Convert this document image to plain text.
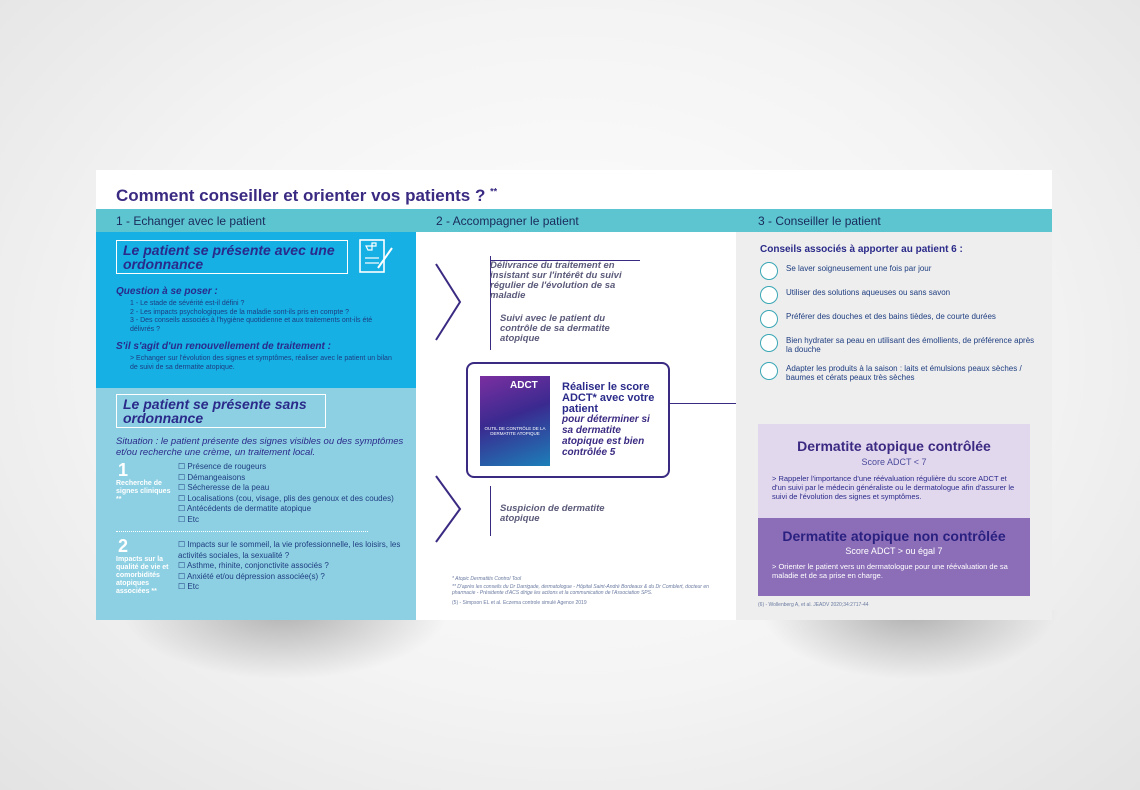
Comment conseiller et orienter vos patients ? **
1 - Echanger avec le patient	2 - Accompagner le patient	3 - Conseiller le patient
Le patient se présente avec une ordonnance
Question à se poser :
1 - Le stade de sévérité est-il défini ?
2 - Les impacts psychologiques de la maladie sont-ils pris en compte ?
3 - Des conseils associés à l'hygiène quotidienne et aux traitements ont-ils été délivrés ?
S'il s'agit d'un renouvellement de traitement :
> Echanger sur l'évolution des signes et symptômes, réaliser avec le patient un bilan de suivi de sa dermatite atopique.
Le patient se présente sans ordonnance
Situation : le patient présente des signes visibles ou des symptômes et/ou recherche une crème, un traitement local.
1
Recherche de signes cliniques **
☐ Présence de rougeurs
☐ Démangeaisons
☐ Sécheresse de la peau
☐ Localisations (cou, visage, plis des genoux et des coudes)
☐ Antécédents de dermatite atopique
☐ Etc
2
Impacts sur la qualité de vie et comorbidités atopiques associées **
☐ Impacts sur le sommeil, la vie professionnelle, les loisirs, les activités sociales, la sexualité ?
☐ Asthme, rhinite, conjonctivite associés ?
☐ Anxiété et/ou dépression associée(s) ?
☐ Etc
Délivrance du traitement en insistant sur l'intérêt du suivi régulier de l'évolution de sa maladie
Suivi avec le patient du contrôle de sa dermatite atopique
ADCT
OUTIL DE CONTRÔLE DE LA DERMATITE ATOPIQUE
Réaliser le score ADCT* avec votre patient
pour déterminer si sa dermatite atopique est bien contrôlée 5
Suspicion de dermatite atopique
* Atopic Dermatitis Control Tool
** D'après les conseils du Dr Darrigade, dermatologue - Hôpital Saint-André Bordeaux & du Dr Comblert, docteur en pharmacie - Présidente d'ACS dirige les actions et la communication de l'Association SPS.
(5) - Simpson EL et al. Eczema controle simulé Agence 2019
Conseils associés à apporter au patient 6 :
Se laver soigneusement une fois par jour
Utiliser des solutions aqueuses ou sans savon
Préférer des douches et des bains tièdes, de courte durées
Bien hydrater sa peau en utilisant des émollients, de préférence après la douche
Adapter les produits à la saison : laits et émulsions peaux sèches / baumes et cérats peaux très sèches
Dermatite atopique contrôlée
Score ADCT < 7
> Rappeler l'importance d'une réévaluation régulière du score ADCT et d'un suivi par le médecin généraliste ou le dermatologue afin d'assurer le suivi de l'évolution des signes et symptômes.
Dermatite atopique non contrôlée
Score ADCT > ou égal 7
> Orienter le patient vers un dermatologue pour une réévaluation de sa maladie et de sa prise en charge.
(6) - Wollenberg A, et al. JEADV 2020;34:2717-44
